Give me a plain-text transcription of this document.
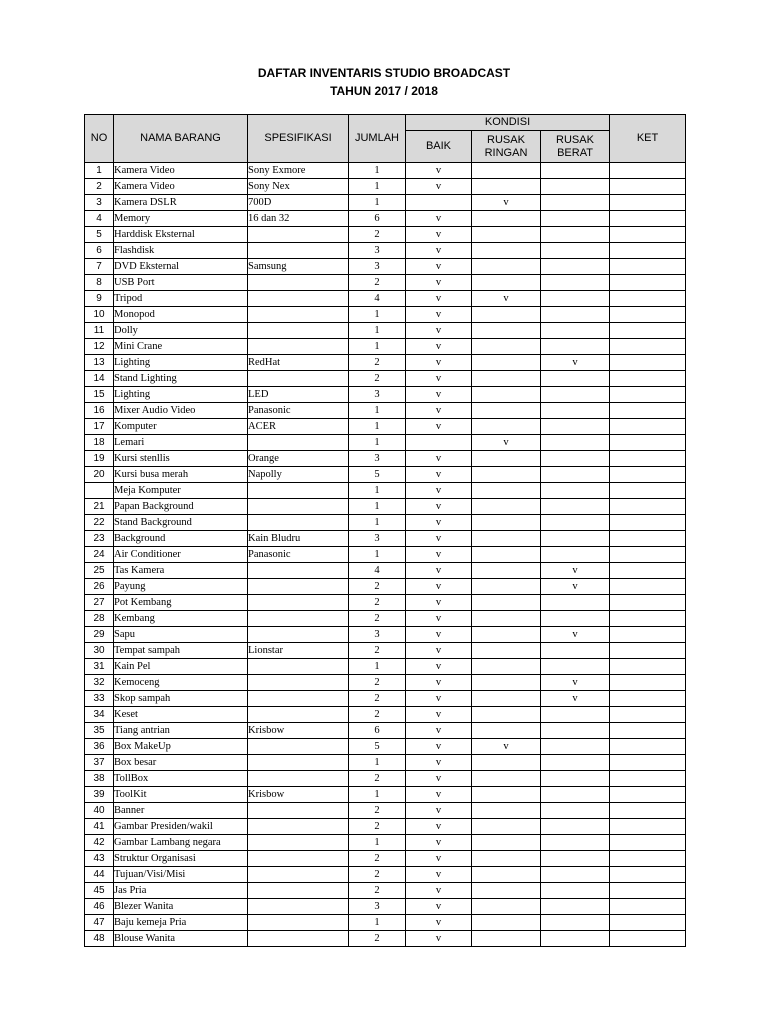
DAFTAR INVENTARIS STUDIO BROADCAST
TAHUN 2017 / 2018
NO	NAMA BARANG	SPESIFIKASI	JUMLAH	KONDISI			KET
				BAIK	RUSAK RINGAN	RUSAK BERAT	
1	Kamera Video	Sony Exmore	1	v			
2	Kamera Video	Sony Nex	1	v			
3	Kamera DSLR	700D	1		v		
4	Memory	16 dan 32	6	v			
5	Harddisk Eksternal		2	v			
6	Flashdisk		3	v			
7	DVD Eksternal	Samsung	3	v			
8	USB Port		2	v			
9	Tripod		4	v	v		
10	Monopod		1	v			
11	Dolly		1	v			
12	Mini Crane		1	v			
13	Lighting	RedHat	2	v		v	
14	Stand Lighting		2	v			
15	Lighting	LED	3	v			
16	Mixer Audio Video	Panasonic	1	v			
17	Komputer	ACER	1	v			
18	Lemari		1		v		
19	Kursi stenllis	Orange	3	v			
20	Kursi busa merah	Napolly	5	v			
	Meja Komputer		1	v			
21	Papan Background		1	v			
22	Stand Background		1	v			
23	Background	Kain Bludru	3	v			
24	Air Conditioner	Panasonic	1	v			
25	Tas Kamera		4	v		v	
26	Payung		2	v		v	
27	Pot Kembang		2	v			
28	Kembang		2	v			
29	Sapu		3	v		v	
30	Tempat sampah	Lionstar	2	v			
31	Kain Pel		1	v			
32	Kemoceng		2	v		v	
33	Skop sampah		2	v		v	
34	Keset		2	v			
35	Tiang antrian	Krisbow	6	v			
36	Box MakeUp		5	v	v		
37	Box besar		1	v			
38	TollBox		2	v			
39	ToolKit	Krisbow	1	v			
40	Banner		2	v			
41	Gambar Presiden/wakil		2	v			
42	Gambar Lambang negara		1	v			
43	Struktur Organisasi		2	v			
44	Tujuan/Visi/Misi		2	v			
45	Jas Pria		2	v			
46	Blezer Wanita		3	v			
47	Baju kemeja Pria		1	v			
48	Blouse Wanita		2	v			
